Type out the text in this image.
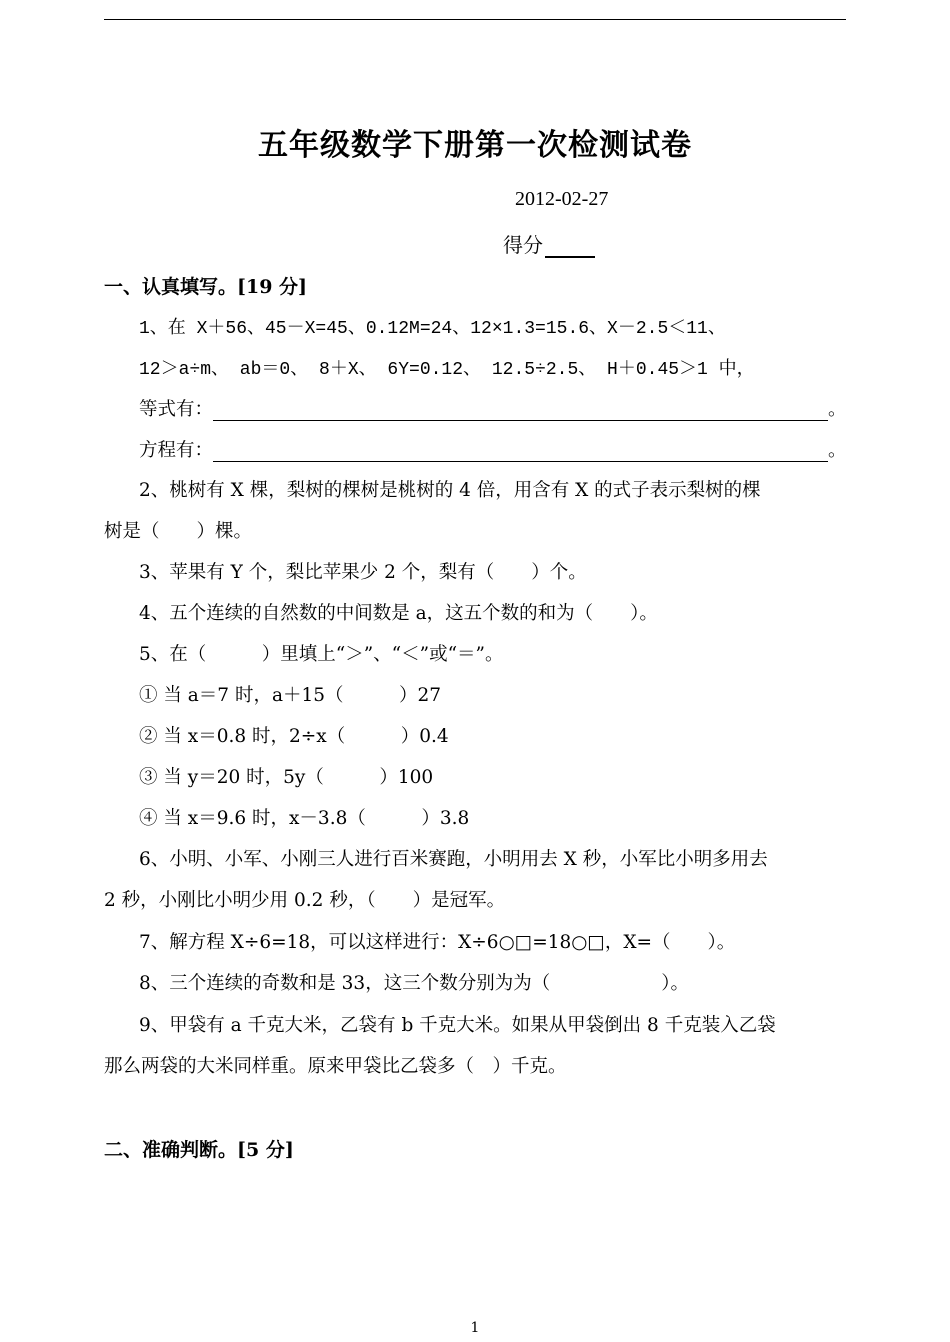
五年级数学下册第一次检测试卷
2012-02-27
得分
一、认真填写。[19 分]
1、在 X＋56、45－X=45、0.12M=24、12×1.3=15.6、X－2.5＜11、
12＞a÷m、 ab＝0、 8＋X、 6Y=0.12、 12.5÷2.5、 H＋0.45＞1 中，
等式有：	。
方程有：	。
2、桃树有 X 棵，梨树的棵树是桃树的 4 倍，用含有 X 的式子表示梨树的棵
树是（　　）棵。
3、苹果有 Y 个，梨比苹果少 2 个，梨有（　　）个。
4、五个连续的自然数的中间数是 a，这五个数的和为（　　）。
5、在（　　　）里填上“＞”、“＜”或“＝”。
① 当 a＝7 时，a＋15（　　　）27
② 当 x＝0.8 时，2÷x（　　　）0.4
③ 当 y＝20 时，5y（　　　）100
④ 当 x＝9.6 时，x－3.8（　　　）3.8
6、小明、小军、小刚三人进行百米赛跑，小明用去 X 秒，小军比小明多用去
2 秒，小刚比小明少用 0.2 秒，（　　）是冠军。
7、解方程 X÷6=18，可以这样进行：X÷6○□=18○□，X=（　　）。
8、三个连续的奇数和是 33，这三个数分别为为（　　　　　　）。
9、甲袋有 a 千克大米，乙袋有 b 千克大米。如果从甲袋倒出 8 千克装入乙袋
那么两袋的大米同样重。原来甲袋比乙袋多（　）千克。
二、准确判断。[5 分]
1
